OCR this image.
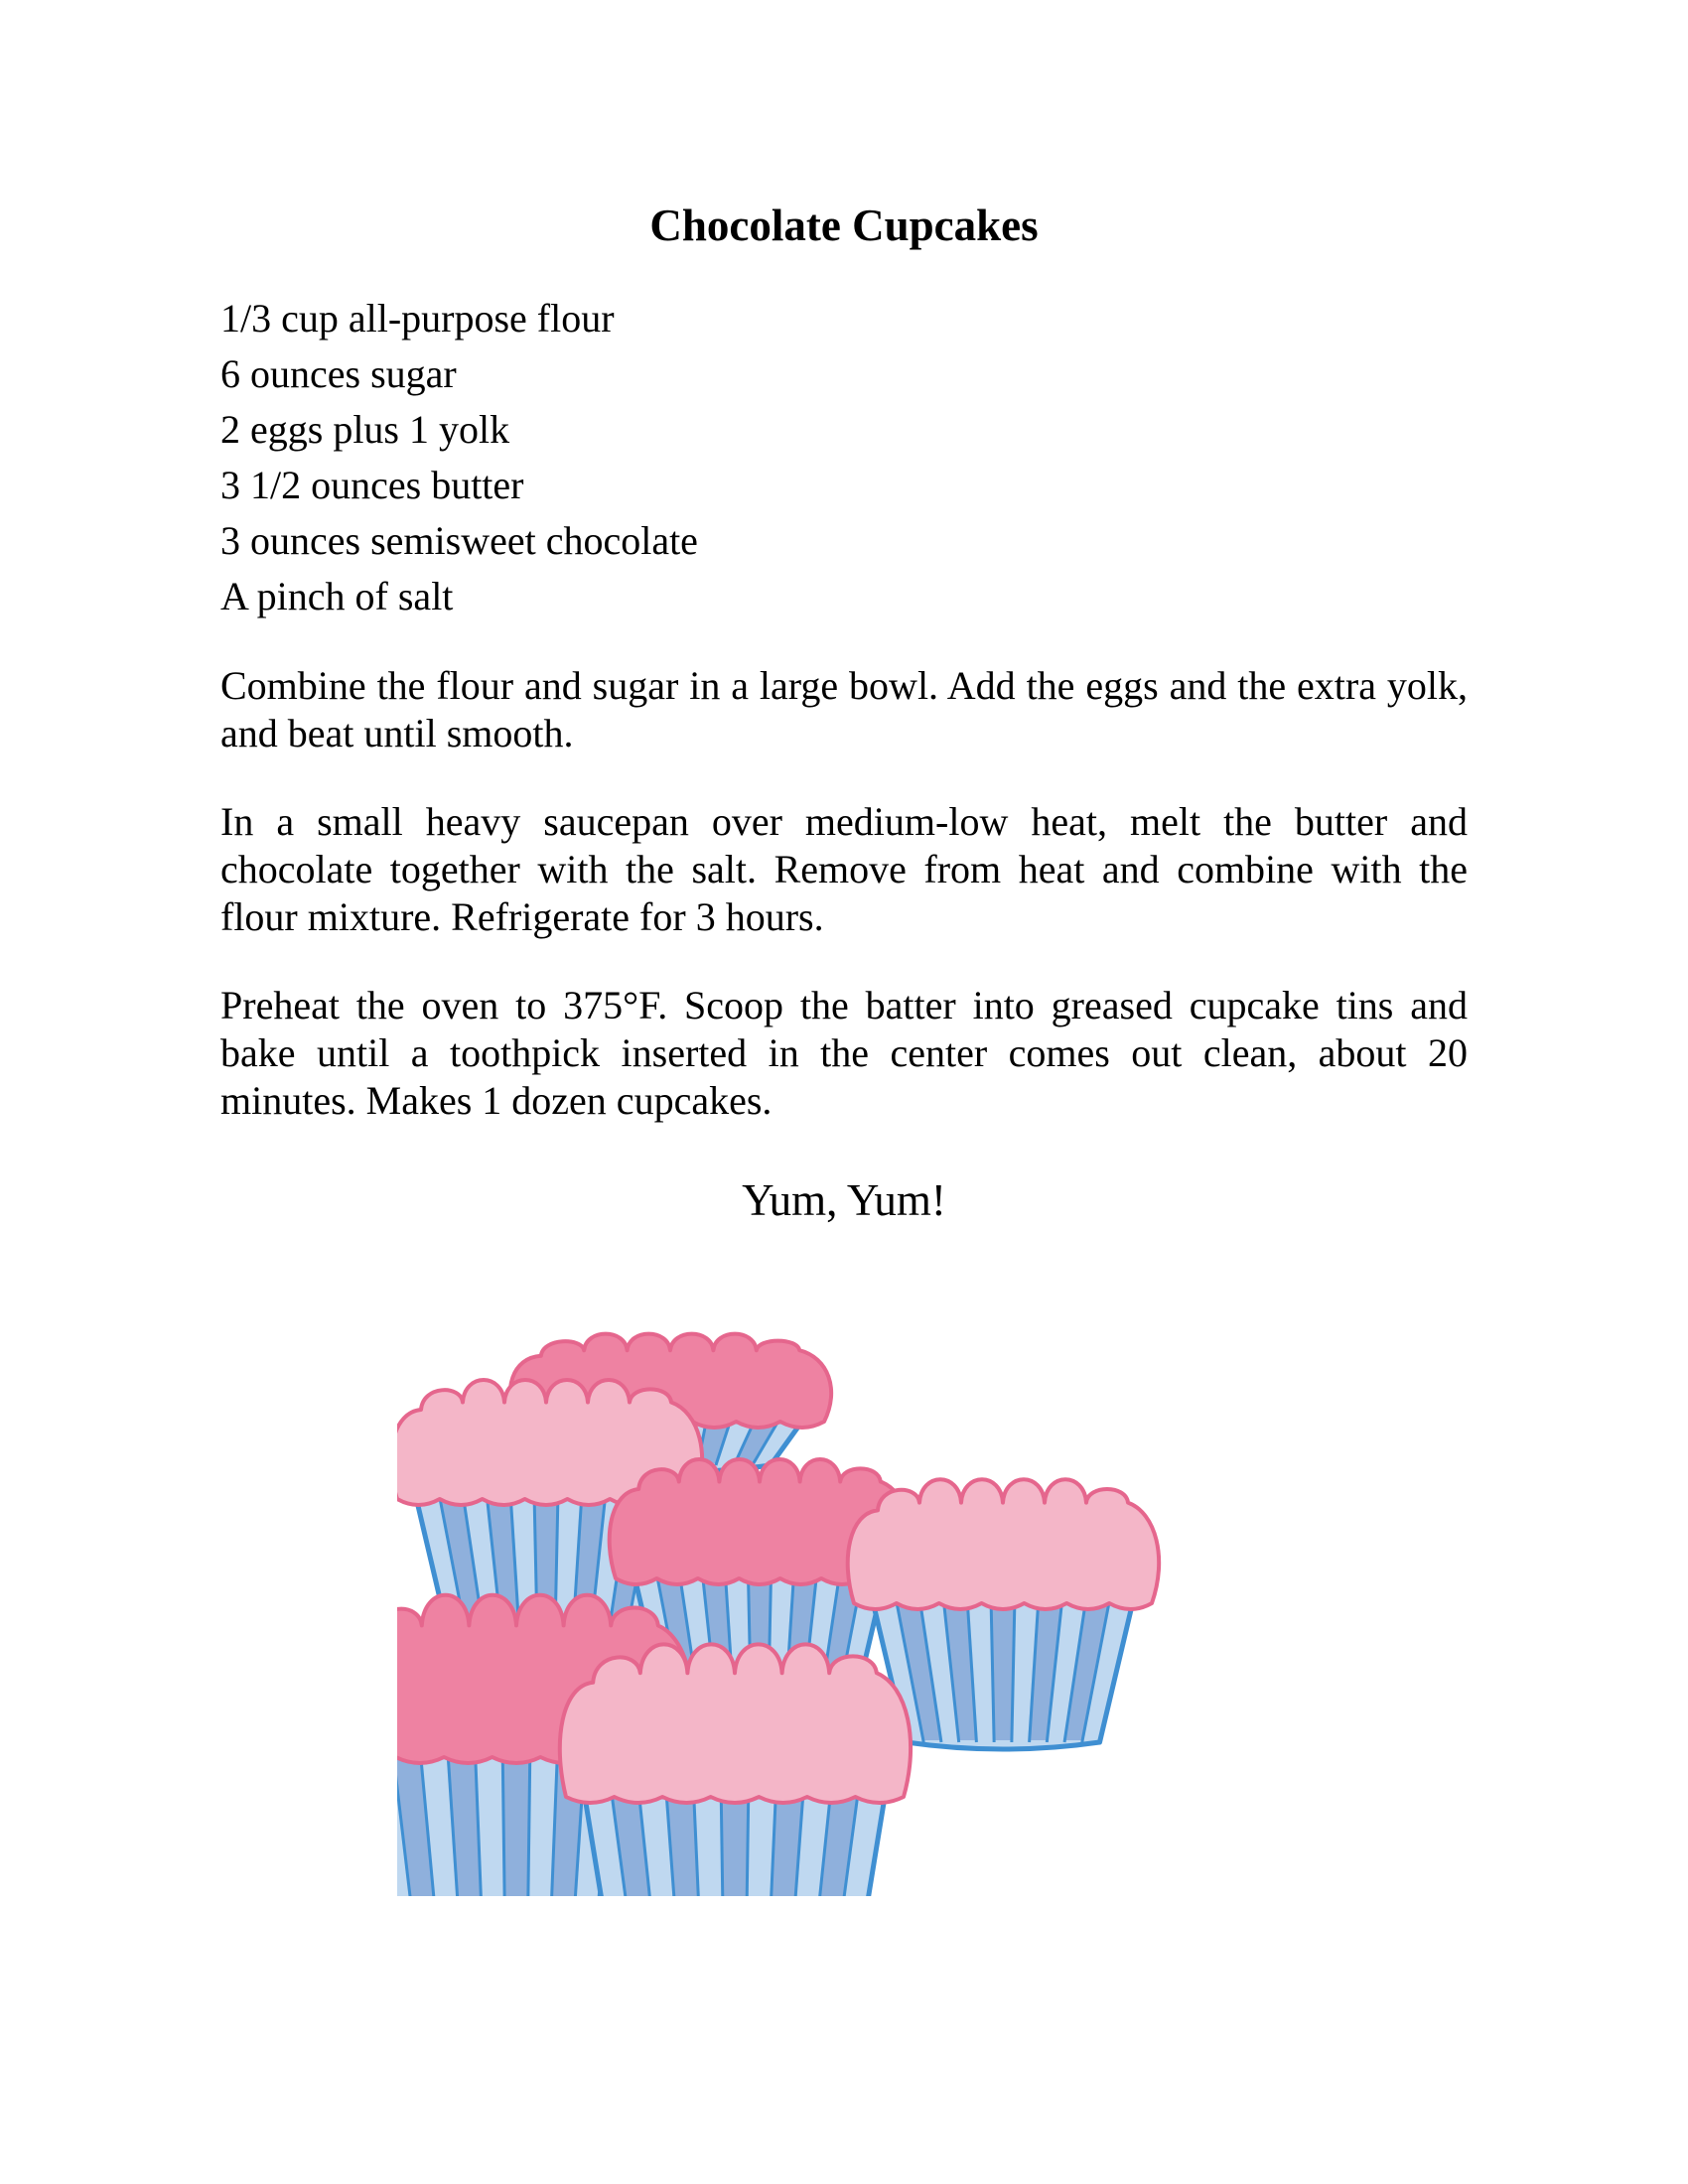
Chocolate Cupcakes
1/3 cup all-purpose flour
6 ounces sugar
2 eggs plus 1 yolk
3 1/2 ounces butter
3 ounces semisweet chocolate
A pinch of salt

Combine the flour and sugar in a large bowl. Add the eggs and the extra yolk, and beat until smooth.

In a small heavy saucepan over medium-low heat, melt the butter and chocolate together with the salt. Remove from heat and combine with the flour mixture. Refrigerate for 3 hours.

Preheat the oven to 375°F. Scoop the batter into greased cupcake tins and bake until a toothpick inserted in the center comes out clean, about 20 minutes. Makes 1 dozen cupcakes.

Yum, Yum!
